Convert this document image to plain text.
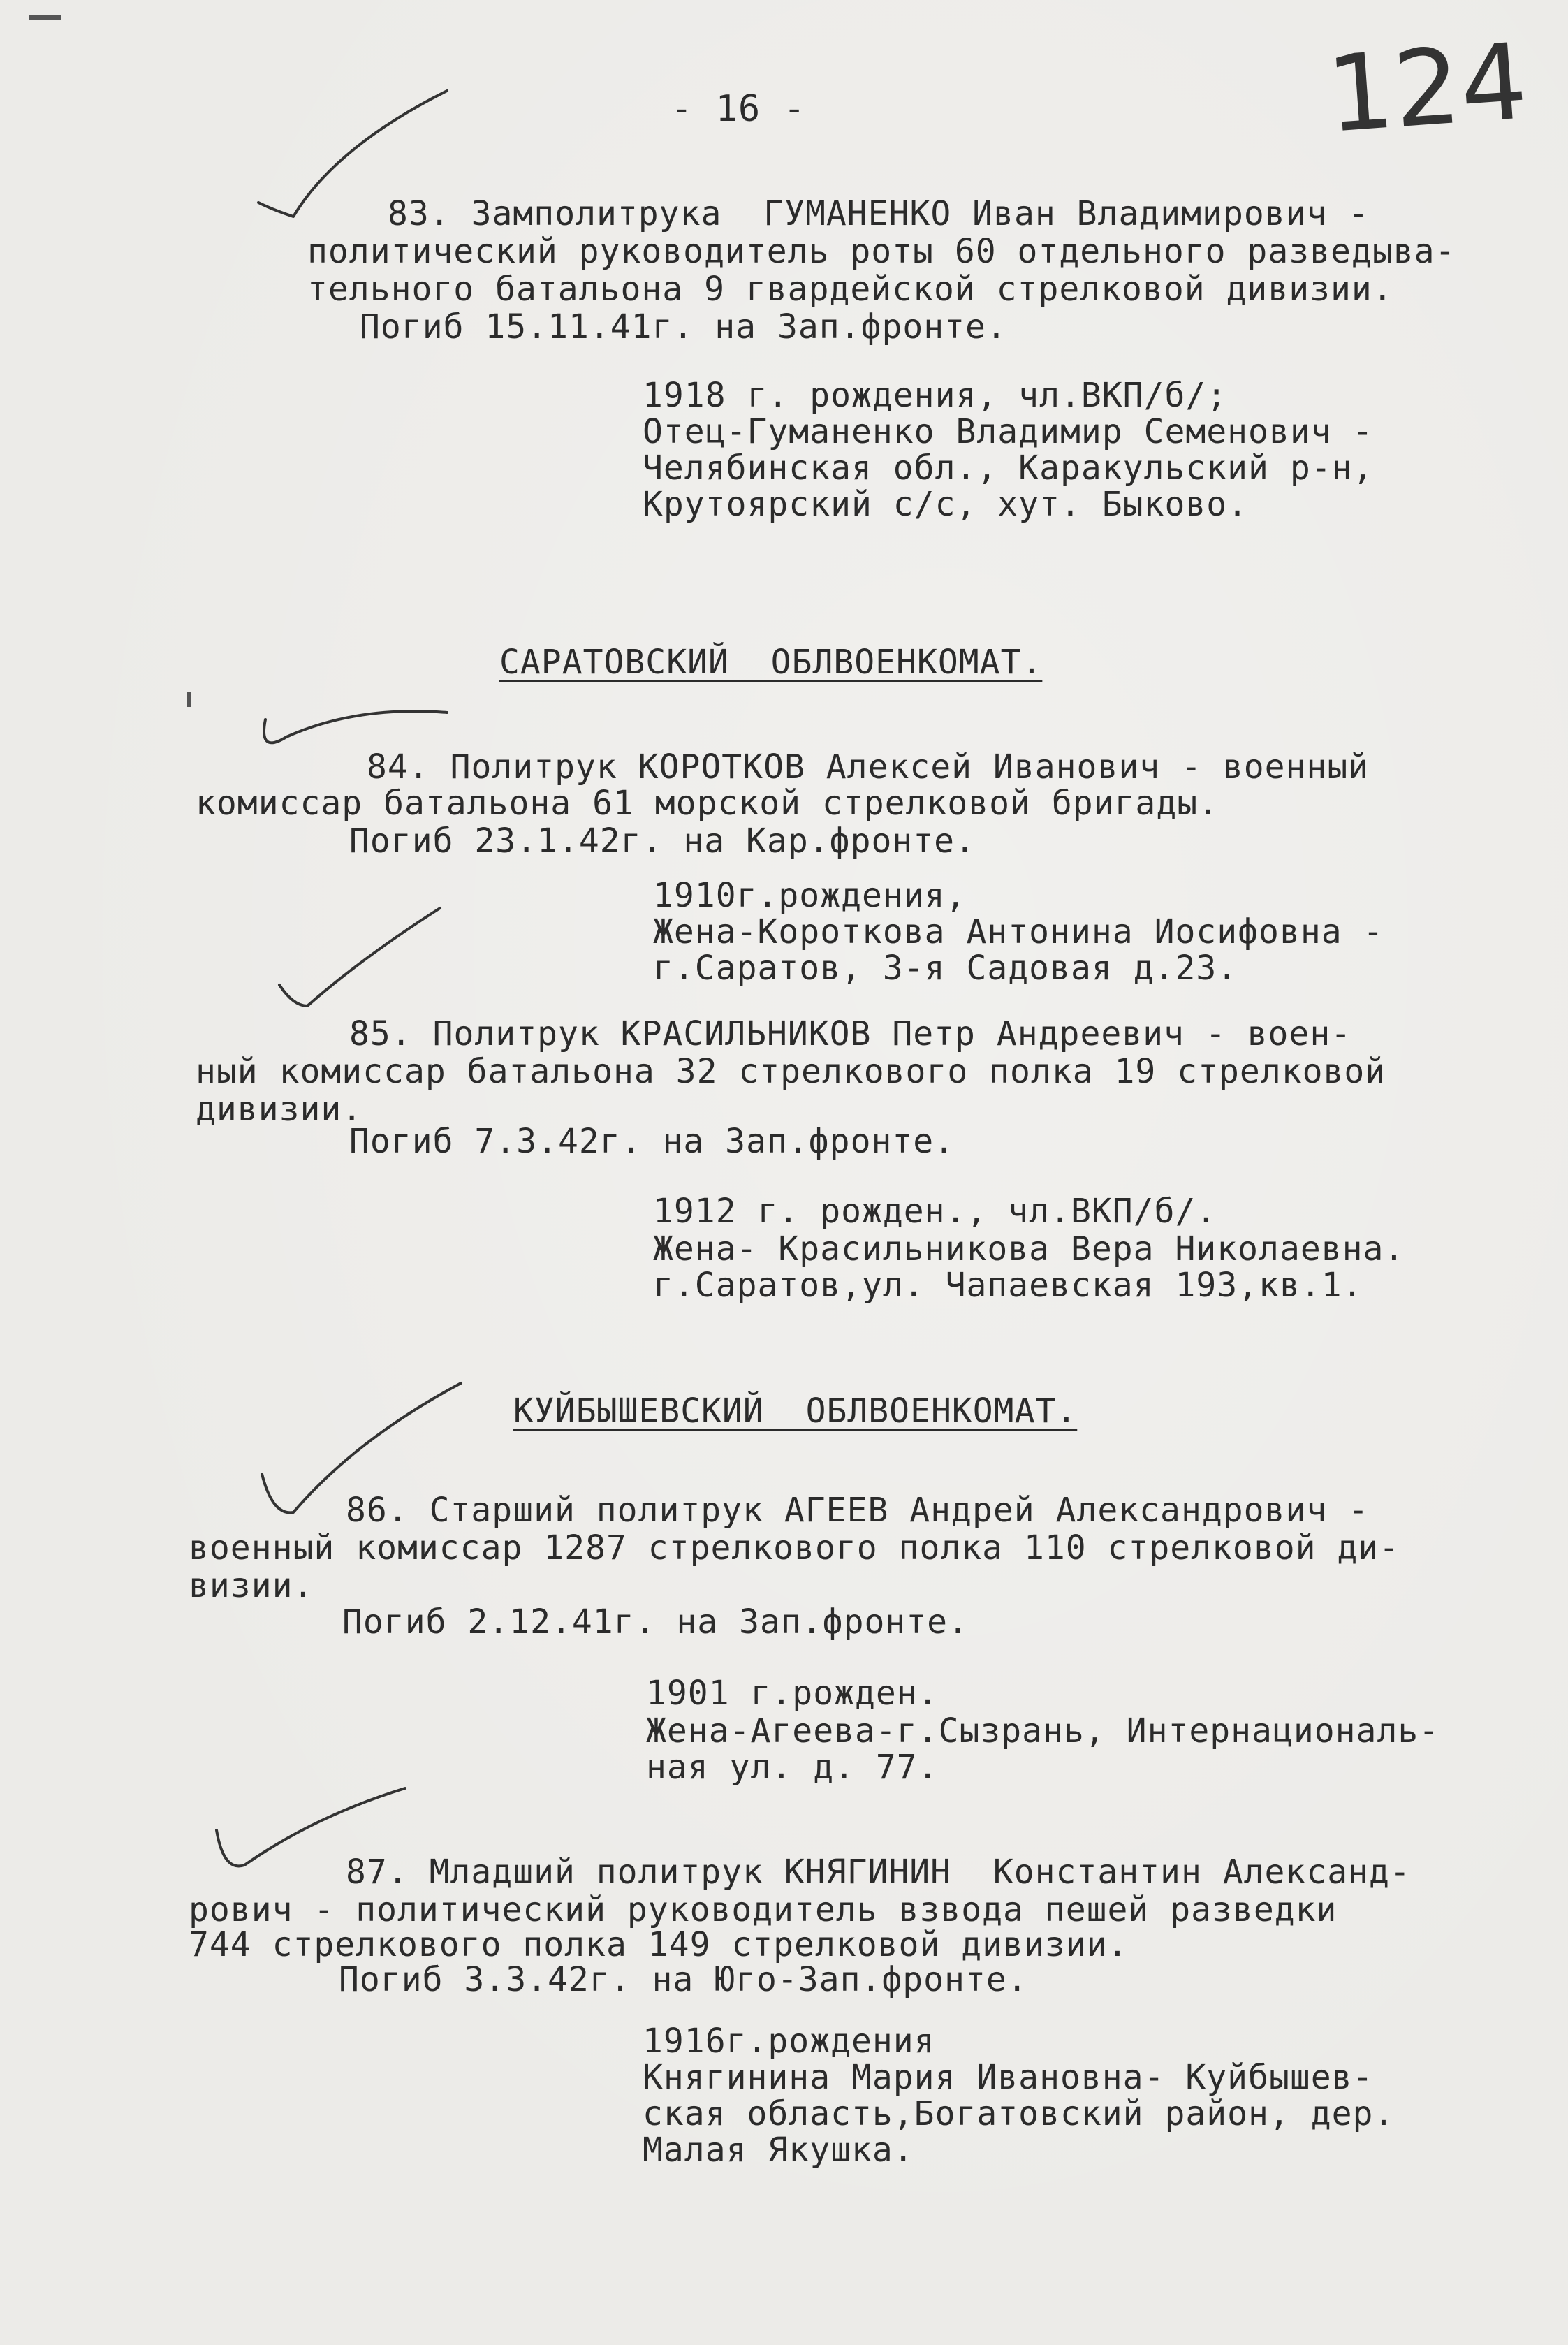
124
- 16 -
83. Замполитрука  ГУМАНЕНКО Иван Владимирович -
политический руководитель роты 60 отдельного разведыва-
тельного батальона 9 гвардейской стрелковой дивизии.
Погиб 15.11.41г. на Зап.фронте.
1918 г. рождения, чл.ВКП/б/;
Отец-Гуманенко Владимир Семенович -
Челябинская обл., Каракульский р-н,
Крутоярский с/с, хут. Быково.
САРАТОВСКИЙ  ОБЛВОЕНКОМАТ.
84. Политрук КОРОТКОВ Алексей Иванович - военный
комиссар батальона 61 морской стрелковой бригады.
Погиб 23.1.42г. на Кар.фронте.
1910г.рождения,
Жена-Короткова Антонина Иосифовна -
г.Саратов, 3-я Садовая д.23.
85. Политрук КРАСИЛЬНИКОВ Петр Андреевич - воен-
ный комиссар батальона 32 стрелкового полка 19 стрелковой
дивизии.
Погиб 7.3.42г. на Зап.фронте.
1912 г. рожден., чл.ВКП/б/.
Жена- Красильникова Вера Николаевна.
г.Саратов,ул. Чапаевская 193,кв.1.
КУЙБЫШЕВСКИЙ  ОБЛВОЕНКОМАТ.
86. Старший политрук АГЕЕВ Андрей Александрович -
военный комиссар 1287 стрелкового полка 110 стрелковой ди-
визии.
Погиб 2.12.41г. на Зап.фронте.
1901 г.рожден.
Жена-Агеева-г.Сызрань, Интернациональ-
ная ул. д. 77.
87. Младший политрук КНЯГИНИН  Константин Александ-
рович - политический руководитель взвода пешей разведки
744 стрелкового полка 149 стрелковой дивизии.
Погиб 3.3.42г. на Юго-Зап.фронте.
1916г.рождения
Княгинина Мария Ивановна- Куйбышев-
ская область,Богатовский район, дер.
Малая Якушка.
